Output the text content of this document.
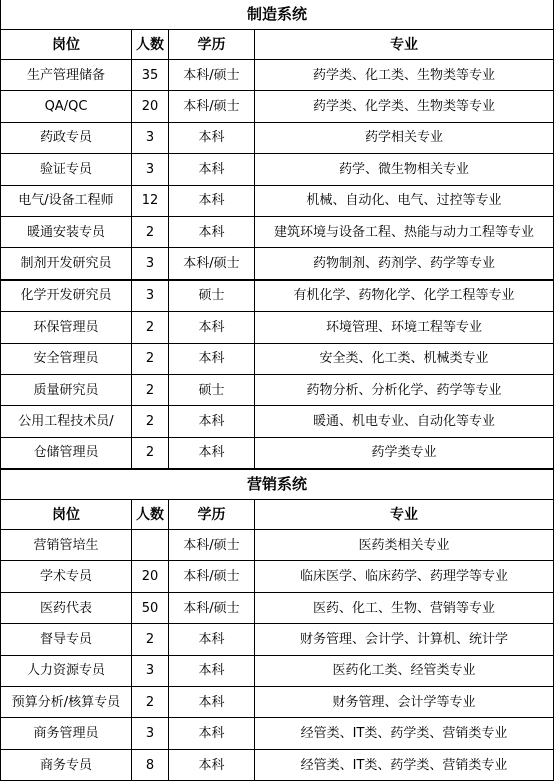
制造系统			
岗位	人数	学历	专业
生产管理储备	35	本科/硕士	药学类、化工类、生物类等专业
QA/QC	20	本科/硕士	药学类、化学类、生物类等专业
药政专员	3	本科	药学相关专业
验证专员	3	本科	药学、微生物相关专业
电气/设备工程师	12	本科	机械、自动化、电气、过控等专业
暖通安装专员	2	本科	建筑环境与设备工程、热能与动力工程等专业
制剂开发研究员	3	本科/硕士	药物制剂、药剂学、药学等专业
化学开发研究员	3	硕士	有机化学、药物化学、化学工程等专业
环保管理员	2	本科	环境管理、环境工程等专业
安全管理员	2	本科	安全类、化工类、机械类专业
质量研究员	2	硕士	药物分析、分析化学、药学等专业
公用工程技术员/	2	本科	暖通、机电专业、自动化等专业
仓储管理员	2	本科	药学类专业
营销系统			
岗位	人数	学历	专业
营销管培生		本科/硕士	医药类相关专业
学术专员	20	本科/硕士	临床医学、临床药学、药理学等专业
医药代表	50	本科/硕士	医药、化工、生物、营销等专业
督导专员	2	本科	财务管理、会计学、计算机、统计学
人力资源专员	3	本科	医药化工类、经管类专业
预算分析/核算专员	2	本科	财务管理、会计学等专业
商务管理员	3	本科	经管类、IT类、药学类、营销类专业
商务专员	8	本科	经管类、IT类、药学类、营销类专业
